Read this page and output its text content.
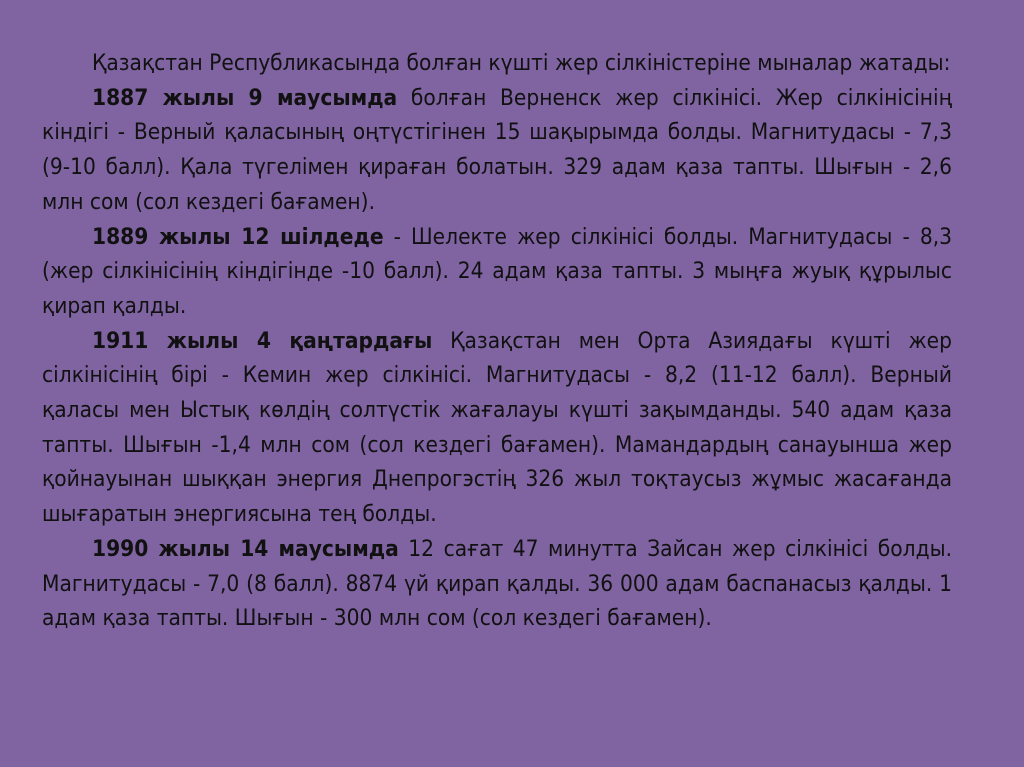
Қазақстан Республикасында болған күшті жер сілкіністеріне мыналар жатады:

1887 жылы 9 маусымда болған Верненск жер сілкінісі. Жер сілкінісінің кіндігі - Верный қаласының оңтүстігінен 15 шақырымда болды. Магнитудасы - 7,3 (9-10 балл). Қала түгелімен қираған болатын. 329 адам қаза тапты. Шығын - 2,6 млн сом (сол кездегі бағамен).

1889 жылы 12 шілдеде - Шелекте жер сілкінісі болды. Магнитудасы - 8,3 (жер сілкінісінің кіндігінде -10 балл). 24 адам қаза тапты. 3 мыңға жуық құрылыс қирап қалды.

1911 жылы 4 қаңтардағы Қазақстан мен Орта Азиядағы күшті жер сілкінісінің бірі - Кемин жер сілкінісі. Магнитудасы - 8,2 (11-12 балл). Верный қаласы мен Ыстық көлдің солтүстік жағалауы күшті зақымданды. 540 адам қаза тапты. Шығын -1,4 млн сом (сол кездегі бағамен). Мамандардың санауынша жер қойнауынан шыққан энергия Днепрогэстің 326 жыл тоқтаусыз жұмыс жасағанда шығаратын энергиясына тең болды.

1990 жылы 14 маусымда 12 сағат 47 минутта Зайсан жер сілкінісі болды. Магнитудасы - 7,0 (8 балл). 8874 үй қирап қалды. 36 000 адам баспанасыз қалды. 1 адам қаза тапты. Шығын - 300 млн сом (сол кездегі бағамен).
